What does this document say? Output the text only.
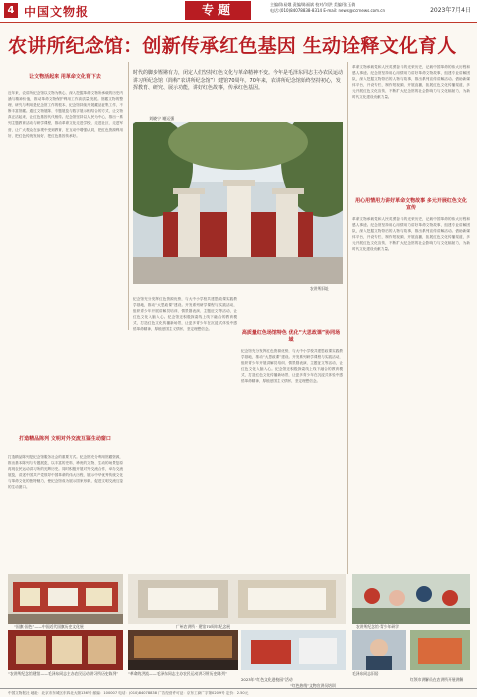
4 中国文物报	专题	主编/陈易娥 责编/陈福斌 校对/刘洪 美编/张玉倩
电话:(010)84078838-8314 E-mail: news@ccrnews.com.cn	2023年7月4日
农讲所纪念馆：创新传承红色基因 生动诠释文化育人
让文物活起来 用革命文化育下去
近年来，农讲所纪念馆以文物为核心，深入挖掘革命文物所承载的历史内涵与精神价值，推动革命文物保护利用工作高质量发展。馆藏文物的整理、研究与利用是纪念馆工作的根本，纪念馆持续开展藏品征集工作，不断丰富馆藏。通过文物展陈、专题展览与数字展示相结合的方式，让文物真正活起来，让红色基因代代相传。纪念馆坚持以人民为中心，推出一系列主题教育活动与研学课程，推动革命文化走进学校、走进社区、走进军营，让广大观众在参观中受到教育，在互动中增强认同，把红色资源利用好、把红色传统发扬好、把红色基因传承好。
打造精品陈列 文明对外交流互鉴生动窗口
打造精品陈列是纪念馆服务社会的重要方式。纪念馆充分利用馆藏资源，推出基本陈列与专题展览，以丰富的史料、珍贵的文物、生动的场景复原再现农民运动讲习所的光辉历史。同时积极开展对外交流合作，举办交流展览，讲述中国共产党领导中国革命的伟大历程，展示中华优秀传统文化与革命文化的独特魅力，使纪念馆成为展示国家形象、促进文明交流互鉴的生动窗口。
时代的脚步铿锵有力，闭定人们坚持红色文化与革命精神不变。今年是毛泽东同志主办农民运动讲习所纪念馆（简称“农讲所纪念馆”）建馆70周年。70年来，农讲所纪念馆始终坚持初心，发挥教育、研究、展示功能，讲好红色故事，传承红色基因。
刘晓宁 谢运强
农讲所旧址
纪念馆充分发挥红色资源优势，与大中小学校共建思政课实践教学基地，推动“大思政课”建设。开发系列研学课程与实践活动，组织青少年开展讲解员培训、情景剧表演、主题征文等活动，让红色文化入脑入心。纪念馆还积极探索线上线下融合的教育模式，打造红色文化传播新场景，让更多青少年在沉浸式体验中感悟革命精神，厚植爱国主义情怀，坚定理想信念。
高质量红色场馆特色 优化“大思政课”协同场域
纪念馆充分发挥红色资源优势，与大中小学校共建思政课实践教学基地，推动“大思政课”建设。开发系列研学课程与实践活动，组织青少年开展讲解员培训、情景剧表演、主题征文等活动，让红色文化入脑入心。纪念馆还积极探索线上线下融合的教育模式，打造红色文化传播新场景，让更多青少年在沉浸式体验中感悟革命精神，厚植爱国主义情怀，坚定理想信念。
革命文物承载党和人民英勇奋斗的光荣历史，记载中国革命的伟大历程和感人事迹。纪念馆坚持用心用情用力讲好革命文物故事，组建专业讲解团队，深入挖掘文物背后的人物与故事，推出系列宣传讲解活动。借助新媒体平台，开设专栏、制作短视频、开展直播，拓展红色文化传播渠道，多元开展红色文化宣传，不断扩大纪念馆的社会影响力与文化辐射力，为新时代文化建设贡献力量。
用心用情用力讲好革命文物故事 多元开展红色文化宣传
革命文物承载党和人民英勇奋斗的光荣历史，记载中国革命的伟大历程和感人事迹。纪念馆坚持用心用情用力讲好革命文物故事，组建专业讲解团队，深入挖掘文物背后的人物与故事，推出系列宣传讲解活动。借助新媒体平台，开设专栏、制作短视频、开展直播，拓展红色文化传播渠道，多元开展红色文化宣传，不断扩大纪念馆的社会影响力与文化辐射力，为新时代文化建设贡献力量。
“国旗·国色”——中国近代国旗历史文化展	广州农讲所 · 建馆70周年纪念展	农讲所纪念馆·青少年研学
“农讲所纪念馆建馆——毛泽东同志主办农民运动讲习所历史陈列”	“革命的洪流——毛泽东同志主办农民运动讲习所历史陈列”	毛泽东同志旧居
红领巾讲解员在农讲所开展讲解
2023年“红色文化进校园”活动
“红色热线”文物宣讲员培训
中国文物报社 地址：北京市东城区东四北大街136号 邮编：100007 电话：(010)84078838 广告经营许可证：京东工商广字第0209号 定价：2.50元
